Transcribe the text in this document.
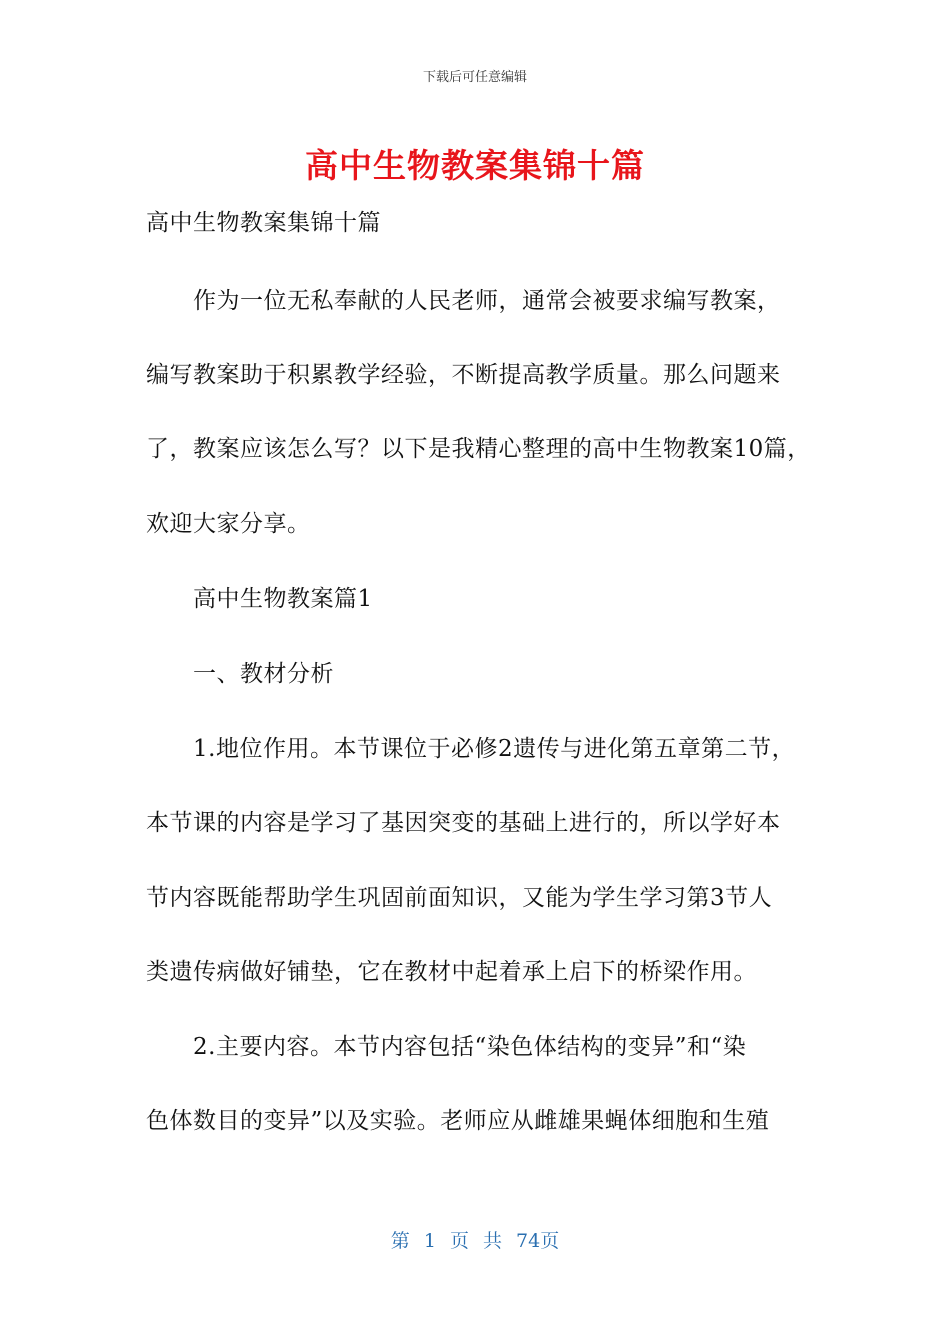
下载后可任意编辑
高中生物教案集锦十篇

高中生物教案集锦十篇

作为一位无私奉献的人民老师，通常会被要求编写教案，

编写教案助于积累教学经验，不断提高教学质量。那么问题来

了，教案应该怎么写？以下是我精心整理的高中生物教案10篇，

欢迎大家分享。

高中生物教案篇1

一、教材分析

1.地位作用。本节课位于必修2遗传与进化第五章第二节，

本节课的内容是学习了基因突变的基础上进行的，所以学好本

节内容既能帮助学生巩固前面知识，又能为学生学习第3节人

类遗传病做好铺垫，它在教材中起着承上启下的桥梁作用。

2.主要内容。本节内容包括“染色体结构的变异”和“染

色体数目的变异”以及实验。老师应从雌雄果蝇体细胞和生殖

第 1 页 共 74页
